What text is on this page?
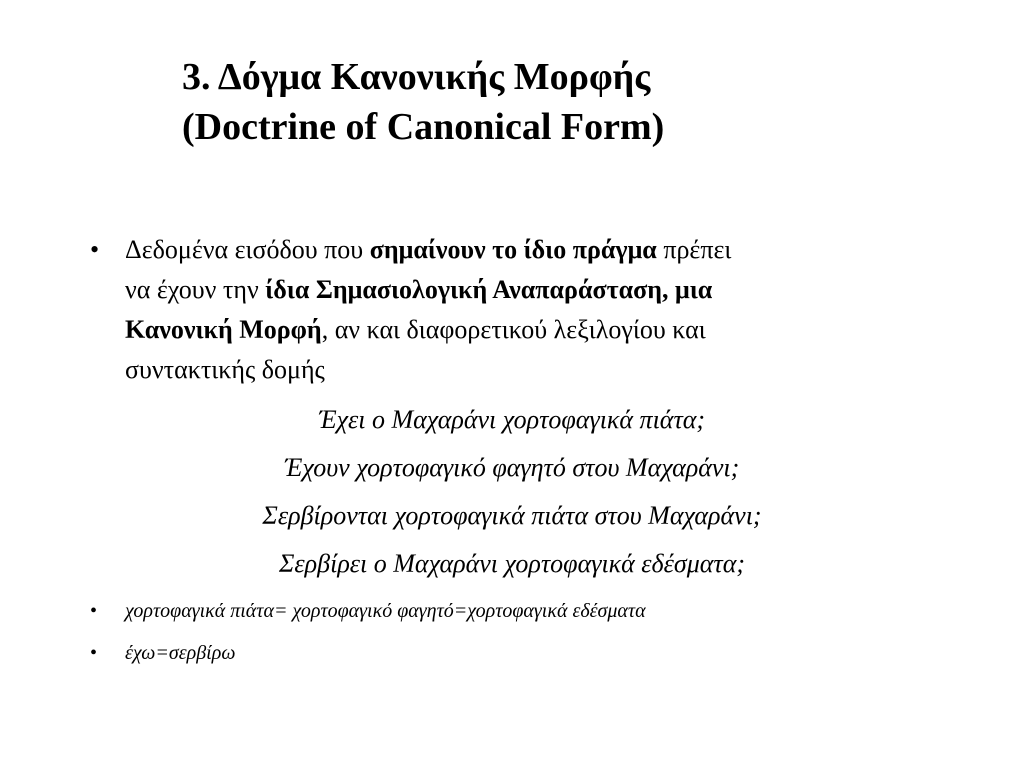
3. Δόγμα Κανονικής Μορφής
(Doctrine of Canonical Form)
• Δεδομένα εισόδου που σημαίνουν το ίδιο πράγμα πρέπει
να έχουν την ίδια Σημασιολογική Αναπαράσταση, μια
Κανονική Μορφή, αν και διαφορετικού λεξιλογίου και
συντακτικής δομής
Έχει ο Μαχαράνι χορτοφαγικά πιάτα;
Έχουν χορτοφαγικό φαγητό στου Μαχαράνι;
Σερβίρονται χορτοφαγικά πιάτα στου Μαχαράνι;
Σερβίρει ο Μαχαράνι χορτοφαγικά εδέσματα;
• χορτοφαγικά πιάτα= χορτοφαγικό φαγητό=χορτοφαγικά εδέσματα
• έχω=σερβίρω
